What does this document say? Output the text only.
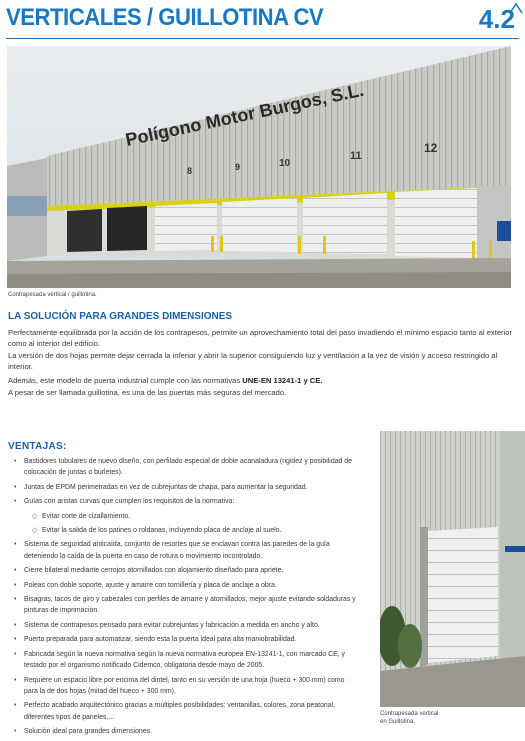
VERTICALES / GUILLOTINA CV	4.2
Polígono Motor Burgos, S.L.
8	9	10
11
12
Contrapesada vertical / guillotina.
LA SOLUCIÓN PARA GRANDES DIMENSIONES
Perfectamente equilibrada por la acción de los contrapesos, permite un aprovechamiento total del paso invadiendo el mínimo espacio tanto al exterior como al interior del edificio.
La versión de dos hojas permite dejar cerrada la inferior y abrir la superior consiguiendo luz y ventilación a la vez de visión y acceso restringido al interior.
Además, este modelo de puerta industrial cumple con las normativas UNE-EN 13241-1 y CE.
A pesar de ser llamada guillotina, es una de las puertas más seguras del mercado.
VENTAJAS:
• Bastidores tubulares de nuevo diseño, con perfilado especial de doble acanaladura (rigidez y posibilidad de colocación de juntas o burletes).
• Juntas de EPDM perimetradas en vez de cubrejuntas de chapa, para aumentar la seguridad.
• Guías con aristas curvas que cumplen los requisitos de la normativa:
◇ Evitar corte de cizallamiento.
◇ Evitar la salida de los patines o roldanas, incluyendo placa de anclaje al suelo.
• Sistema de seguridad anticaída, conjunto de resortes que se enclavan contra las paredes de la guía deteniendo la caída de la puerta en caso de rotura o movimiento incontrolado.
• Cierre bilateral mediante cerrojos atornillados con alojamiento diseñado para apriete.
• Poleas con doble soporte, ajuste y amarre con tornillería y placa de anclaje a obra.
• Bisagras, tacos de giro y cabezales con perfiles de amarre y atornillados, mejor ajuste evitando soldaduras y pinturas de imprimación.
• Sistema de contrapesos pensado para evitar cubrejuntas y fabricación a medida en ancho y alto.
• Puerta preparada para automatizar, siendo esta la puerta ideal para alta maniobrabilidad.
• Fabricada según la nueva normativa según la nueva normativa europea EN-13241-1, con marcado CE, y testado por el organismo notificado Cidemco, obligatoria desde mayo de 2005.
• Requiere un espacio libre por encima del dintel, tanto en su versión de una hoja (hueco + 300 mm) como para la de dos hojas (mitad del hueco + 300 mm).
• Perfecto acabado arquitectónico gracias a múltiples posibilidades: ventanillas, colores, zona peatonal, diferentes tipos de paneles,...
• Solución ideal para grandes dimensiones.
Contrapesada vertical
en Guillotina.
